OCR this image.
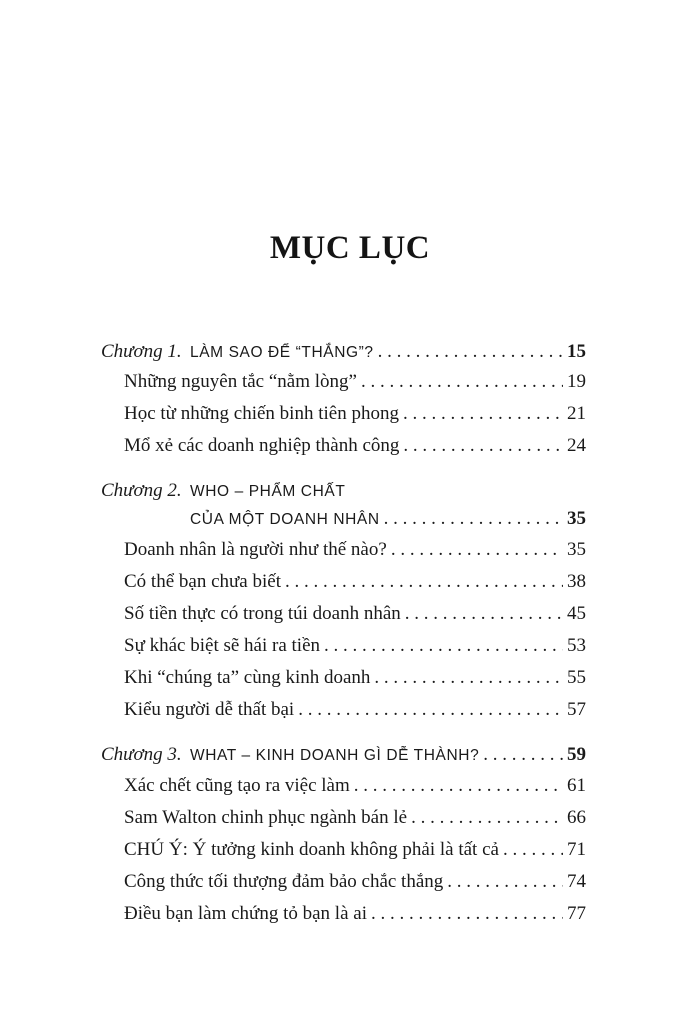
MỤC LỤC
Chương 1. LÀM SAO ĐỂ “THẮNG”? . . .	15
Những nguyên tắc “nằm lòng” . . .	19
Học từ những chiến binh tiên phong . . .	21
Mổ xẻ các doanh nghiệp thành công . . .	24
Chương 2. WHO – PHẨM CHẤT
CỦA MỘT DOANH NHÂN . . .	35
Doanh nhân là người như thế nào? . . .	35
Có thể bạn chưa biết . . .	38
Số tiền thực có trong túi doanh nhân . . .	45
Sự khác biệt sẽ hái ra tiền . . .	53
Khi “chúng ta” cùng kinh doanh . . .	55
Kiểu người dễ thất bại . . .	57
Chương 3. WHAT – KINH DOANH GÌ DỄ THÀNH? . . .	59
Xác chết cũng tạo ra việc làm . . .	61
Sam Walton chinh phục ngành bán lẻ . . .	66
CHÚ Ý: Ý tưởng kinh doanh không phải là tất cả . . .	71
Công thức tối thượng đảm bảo chắc thắng . . .	74
Điều bạn làm chứng tỏ bạn là ai . . .	77
